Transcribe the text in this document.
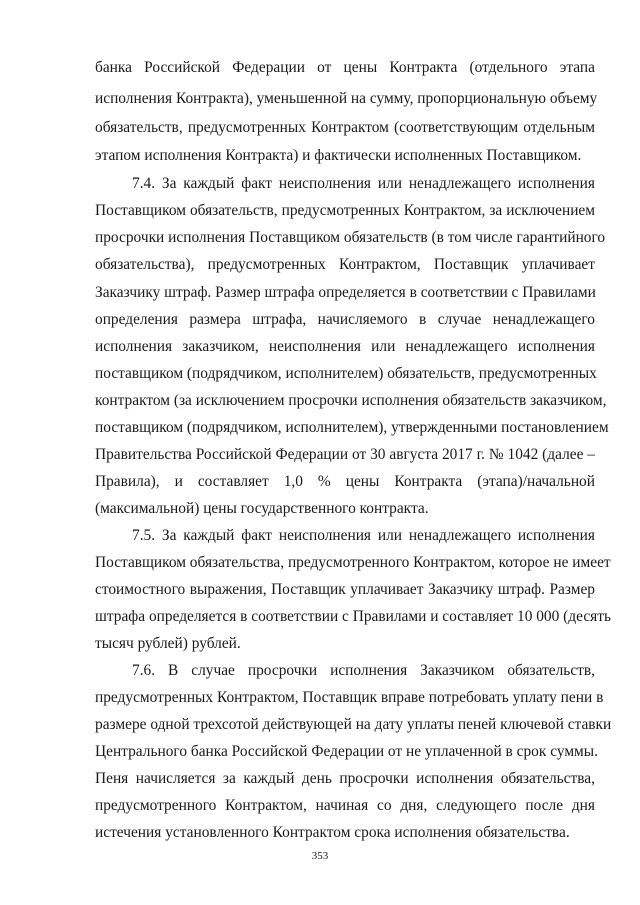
банка Российской Федерации от цены Контракта (отдельного этапа
исполнения Контракта), уменьшенной на сумму, пропорциональную объему
обязательств, предусмотренных Контрактом (соответствующим отдельным
этапом исполнения Контракта) и фактически исполненных Поставщиком.
7.4. За каждый факт неисполнения или ненадлежащего исполнения
Поставщиком обязательств, предусмотренных Контрактом, за исключением
просрочки исполнения Поставщиком обязательств (в том числе гарантийного
обязательства), предусмотренных Контрактом, Поставщик уплачивает
Заказчику штраф. Размер штрафа определяется в соответствии с Правилами
определения размера штрафа, начисляемого в случае ненадлежащего
исполнения заказчиком, неисполнения или ненадлежащего исполнения
поставщиком (подрядчиком, исполнителем) обязательств, предусмотренных
контрактом (за исключением просрочки исполнения обязательств заказчиком,
поставщиком (подрядчиком, исполнителем), утвержденными постановлением
Правительства Российской Федерации от 30 августа 2017 г. № 1042 (далее –
Правила), и составляет 1,0 % цены Контракта (этапа)/начальной
(максимальной) цены государственного контракта.
7.5. За каждый факт неисполнения или ненадлежащего исполнения
Поставщиком обязательства, предусмотренного Контрактом, которое не имеет
стоимостного выражения, Поставщик уплачивает Заказчику штраф. Размер
штрафа определяется в соответствии с Правилами и составляет 10 000 (десять
тысяч рублей) рублей.
7.6. В случае просрочки исполнения Заказчиком обязательств,
предусмотренных Контрактом, Поставщик вправе потребовать уплату пени в
размере одной трехсотой действующей на дату уплаты пеней ключевой ставки
Центрального банка Российской Федерации от не уплаченной в срок суммы.
Пеня начисляется за каждый день просрочки исполнения обязательства,
предусмотренного Контрактом, начиная со дня, следующего после дня
истечения установленного Контрактом срока исполнения обязательства.
353
